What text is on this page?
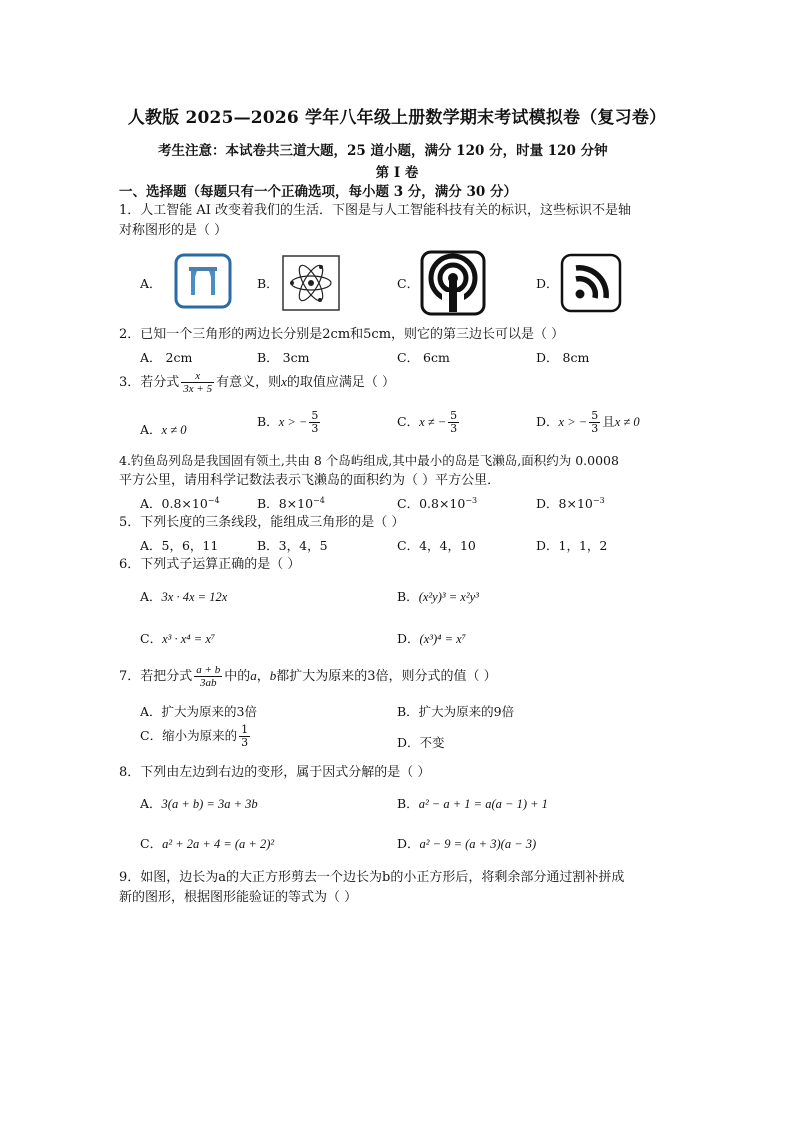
人教版 2025—2026 学年八年级上册数学期末考试模拟卷（复习卷）
考生注意：本试卷共三道大题，25 道小题，满分 120 分，时量 120 分钟
第 I 卷
一、选择题（每题只有一个正确选项，每小题 3 分，满分 30 分）
1．人工智能 AI 改变着我们的生活．下图是与人工智能科技有关的标识，这些标识不是轴
对称图形的是（ ）
A．	B．	C．	D．
2．已知一个三角形的两边长分别是2cm和5cm，则它的第三边长可以是（ ）
A． 2cm	B． 3cm	C． 6cm	D． 8cm
3．若分式 $\frac{x}{3x + 5}$ 有意义，则x的取值应满足（ ）
A．x ≠ 0
B．x > − $\frac{5}{3}$	C．x ≠ − $\frac{5}{3}$	D．x > − $\frac{5}{3}$ 且x ≠ 0
4.钓鱼岛列岛是我国固有领土,共由 8 个岛屿组成,其中最小的岛是飞濑岛,面积约为 0.0008
平方公里，请用科学记数法表示飞濑岛的面积约为（ ）平方公里．
A．$0.8\times 10^{-4}$	B．$8\times 10^{-4}$	C．$0.8\times 10^{-3}$	D．$8\times 10^{-3}$
5．下列长度的三条线段，能组成三角形的是（ ）
A．5，6，11	B．3，4，5	C．4，4，10	D．1，1，2
6．下列式子运算正确的是（ ）
A．3x · 4x = 12x	B．(x²y)³ = x²y³
C．x³ · x⁴ = x⁷	D．(x³)⁴ = x⁷
7．若把分式 $\frac{a + b}{3ab}$ 中的a，b都扩大为原来的3倍，则分式的值（ ）
A．扩大为原来的3倍	B．扩大为原来的9倍
C．缩小为原来的 $\frac{1}{3}$	D．不变
8．下列由左边到右边的变形，属于因式分解的是（ ）
A．3(a + b) = 3a + 3b	B．a² − a + 1 = a(a − 1) + 1
C．a² + 2a + 4 = (a + 2)²	D．a² − 9 = (a + 3)(a − 3)
9．如图，边长为a的大正方形剪去一个边长为b的小正方形后，将剩余部分通过割补拼成
新的图形，根据图形能验证的等式为（ ）
